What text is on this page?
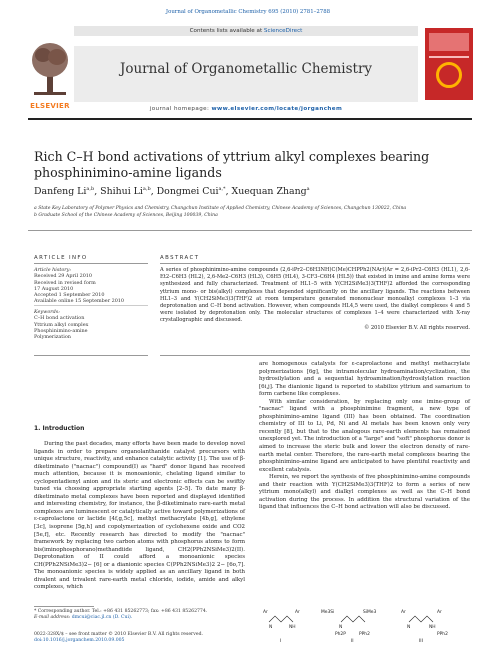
Journal of Organometallic Chemistry 695 (2010) 2781–2788
Contents lists available at ScienceDirect
ELSEVIER
Journal of Organometallic Chemistry
journal homepage: www.elsevier.com/locate/jorganchem
Rich C–H bond activations of yttrium alkyl complexes bearing phosphinimino-amine ligands
Danfeng Li$^{a,b}$, Shihui Li$^{a,b}$, Dongmei Cui$^{a,*}$, Xuequan Zhang$^a$
a State Key Laboratory of Polymer Physics and Chemistry, Changchun Institute of Applied Chemistry, Chinese Academy of Sciences, Changchun 130022, China
b Graduate School of the Chinese Academy of Sciences, Beijing 100039, China
ARTICLE INFO	ABSTRACT
Article history:
Received 29 April 2010
Received in revised form
17 August 2010
Accepted 1 September 2010
Available online 15 September 2010
Keywords:
C–H bond activation
Yttrium alkyl complex
Phosphinimino-amine
Polymerization
A series of phosphinimino-amine compounds (2,6-iPr2–C6H3NH)C(Me)CHPPh2(NAr)(Ar = 2,6-iPr2–C6H3 (HL1), 2,6-Et2–C6H3 (HL2), 2,6-Me2–C6H3 (HL3), C6H5 (HL4), 3-CF3–C6H4 (HL5)) that existed in imine and amine forms were synthesized and fully characterized. Treatment of HL1–5 with Y(CH2SiMe3)3(THF)2 afforded the corresponding yttrium mono- or bis(alkyl) complexes that depended significantly on the ancillary ligands. The reactions between HL1–3 and Y(CH2SiMe3)3(THF)2 at room temperature generated mononuclear monoalkyl complexes 1–3 via deprotonation and C–H bond activation. However, when compounds HL4,5 were used, the dialkyl complexes 4 and 5 were isolated by deprotonation only. The molecular structures of complexes 1–4 were characterized with X-ray crystallographic and discussed.
© 2010 Elsevier B.V. All rights reserved.
1. Introduction

During the past decades, many efforts have been made to develop novel ligands in order to prepare organolanthanide catalyst precursors with unique structure, reactivity, and enhance catalytic activity [1]. The use of β-diketiminato ("nacnac") compound(I) as "hard" donor ligand has received much attention, because it is monoanionic, chelating ligand similar to cyclopentadienyl anion and its steric and electronic effects can be swiftly tuned via choosing appropriate starting agents [2–5]. To date many β-diketiminato metal complexes have been reported and displayed identified and interesting chemistry, for instance, the β-diketiminato rare-earth metal complexes are luminescent or catalytically active toward polymerizations of ε-caprolactone or lactide [4f,g,5c], methyl methacrylate [4b,g], ethylene [3c], isoprene [5g,h] and copolymerization of cyclohexene oxide and CO2 [5e,f], etc. Recently research has directed to modify the "nacnac" framework by replacing two carbon atoms with phosphorus atoms to form bis(iminophosphorano)methandiide ligand, CH2(PPh2NSiMe3)2(II). Deprotonation of II could afford a monoanionic species CH(PPh2NSiMe3)2− [6] or a dianionic species C(PPh2NSiMe3)2 2− [6o,7]. The monoanionic species is widely applied as an ancillary ligand in both divalent and trivalent rare-earth metal chloride, iodide, amide and alkyl complexes, which

are homogenous catalysts for ε-caprolactone and methyl methacrylate polymerizations [6g], the intramolecular hydroamination/cyclization, the hydrosilylation and a sequential hydroamination/hydrosilylation reaction [6i,j]. The dianionic ligand is reported to stabilize yttrium and samarium to form carbene like complexes.

With similar consideration, by replacing only one imine-group of "nacnac" ligand with a phosphinimine fragment, a new type of phosphinimino-amine ligand (III) has been obtained. The coordination chemistry of III to Li, Pd, Ni and Al metals has been known only very recently [8], but that to the analogous rare-earth elements has remained unexplored yet. The introduction of a "large" and "soft" phosphorus donor is aimed to increase the steric bulk and lower the electron density of rare-earth metal center. Therefore, the rare-earth metal complexes bearing the phosphinimino-amine ligand are anticipated to have plentiful reactivity and excellent catalysis.

Herein, we report the synthesis of five phosphinimino-amine compounds and their reaction with Y(CH2SiMe3)3(THF)2 to form a series of new yttrium mono(alkyl) and dialkyl complexes as well as the C–H bond activation during the process. In addition the structural variation of the ligand that influences the C–H bond activation will also be discussed.

Ar
N	NH
Ar	Me3Si
N
SiMe3
Ph2P	PPh2
Ar
N	NH
Ar
PPh2
I	II	III
* Corresponding author. Tel.: +86 431 85262773; fax: +86 431 85262774.
E-mail address: dmcui@ciac.jl.cn (D. Cui).
0022-328X/$ – see front matter © 2010 Elsevier B.V. All rights reserved.
doi:10.1016/j.jorganchem.2010.09.005
